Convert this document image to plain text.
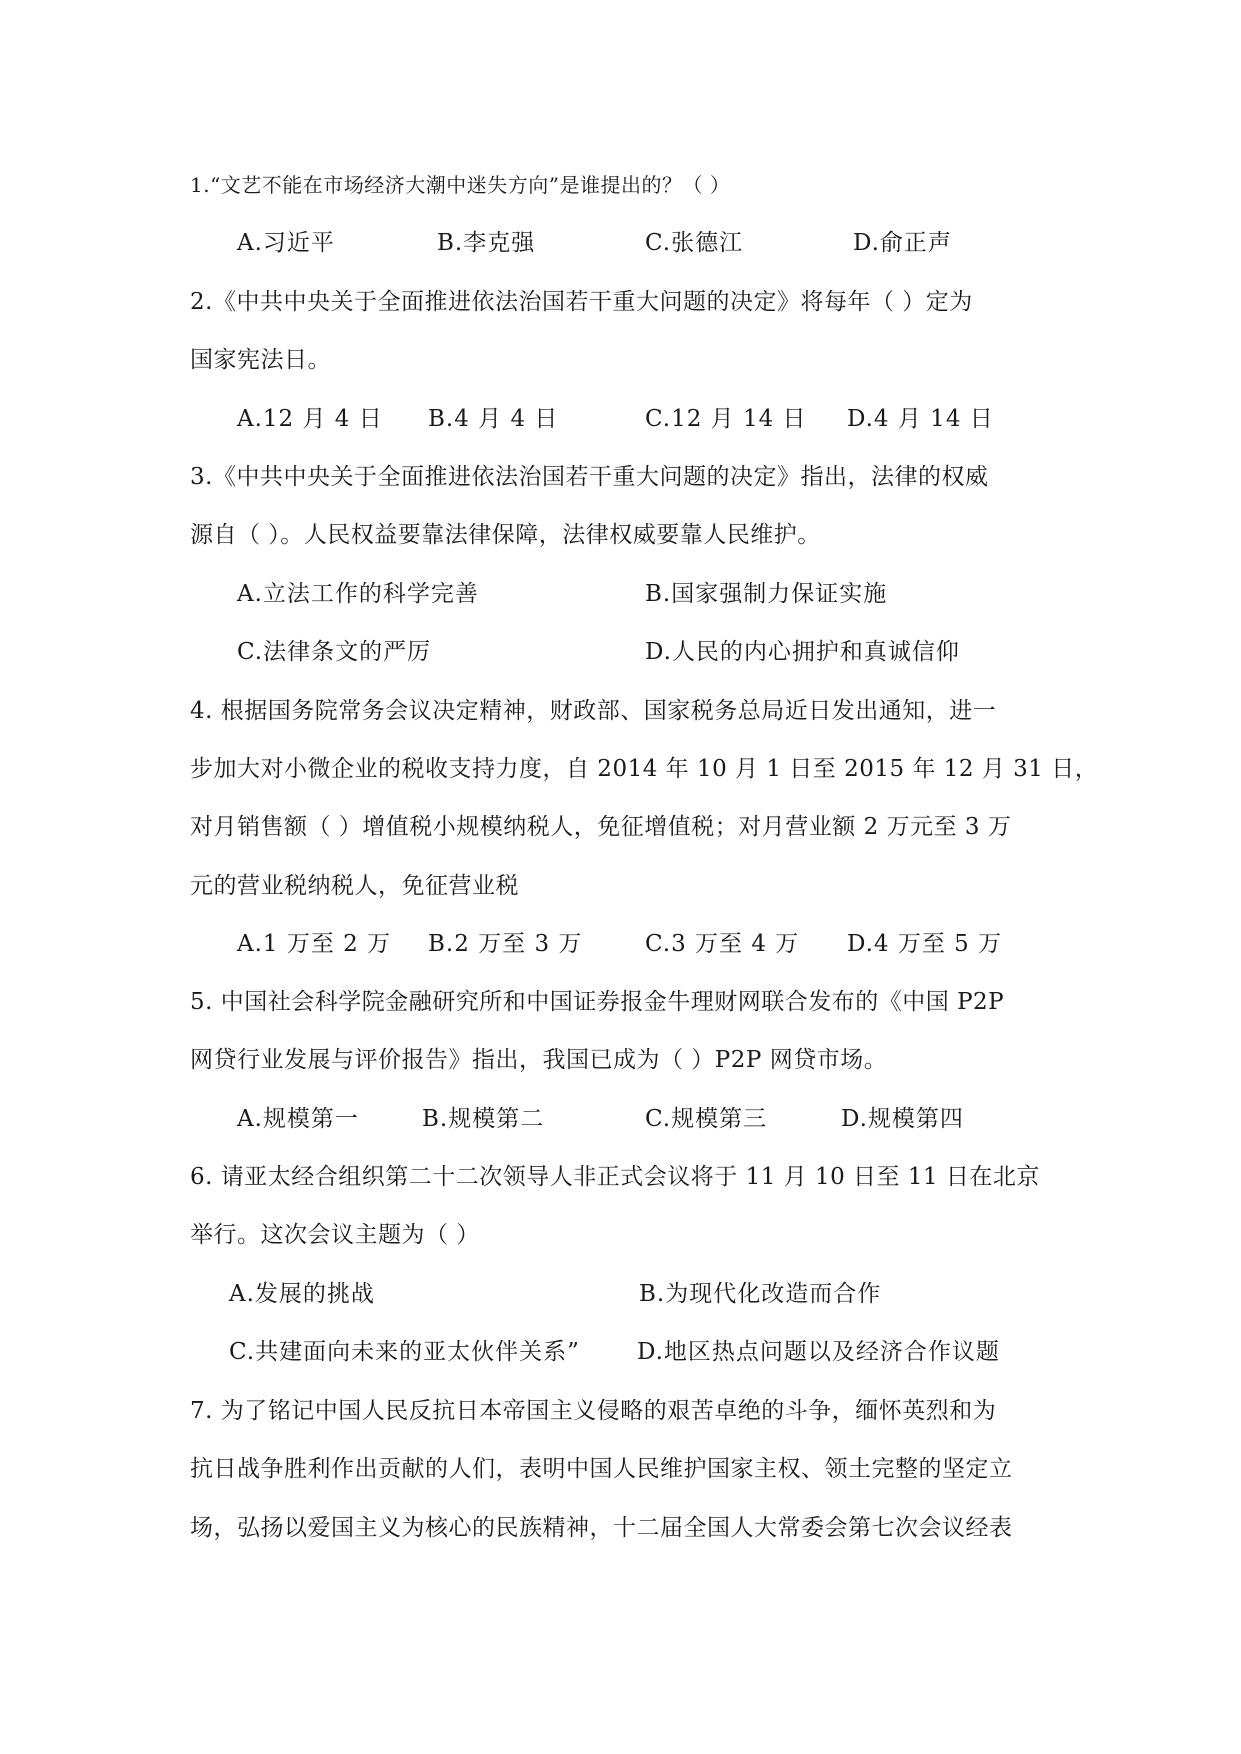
1.“文艺不能在市场经济大潮中迷失方向”是谁提出的？（ ）
A.习近平	B.李克强	C.张德江	D.俞正声
2.《中共中央关于全面推进依法治国若干重大问题的决定》将每年（ ）定为
国家宪法日。
A.12 月 4 日 B.4 月 4 日	C.12 月 14 日 D.4 月 14 日
3.《中共中央关于全面推进依法治国若干重大问题的决定》指出，法律的权威
源自（ ）。人民权益要靠法律保障，法律权威要靠人民维护。
A.立法工作的科学完善	B.国家强制力保证实施
C.法律条文的严厉	D.人民的内心拥护和真诚信仰
4. 根据国务院常务会议决定精神，财政部、国家税务总局近日发出通知，进一
步加大对小微企业的税收支持力度，自 2014 年 10 月 1 日至 2015 年 12 月 31 日，
对月销售额（ ）增值税小规模纳税人，免征增值税；对月营业额 2 万元至 3 万
元的营业税纳税人，免征营业税
A.1 万至 2 万 B.2 万至 3 万	C.3 万至 4 万 D.4 万至 5 万
5. 中国社会科学院金融研究所和中国证券报金牛理财网联合发布的《中国 P2P
网贷行业发展与评价报告》指出，我国已成为（ ）P2P 网贷市场。
A.规模第一	B.规模第二	C.规模第三	D.规模第四
6. 请亚太经合组织第二十二次领导人非正式会议将于 11 月 10 日至 11 日在北京
举行。这次会议主题为（ ）
A.发展的挑战	B.为现代化改造而合作
C.共建面向未来的亚太伙伴关系” D.地区热点问题以及经济合作议题
7. 为了铭记中国人民反抗日本帝国主义侵略的艰苦卓绝的斗争，缅怀英烈和为
抗日战争胜利作出贡献的人们，表明中国人民维护国家主权、领土完整的坚定立
场，弘扬以爱国主义为核心的民族精神，十二届全国人大常委会第七次会议经表
